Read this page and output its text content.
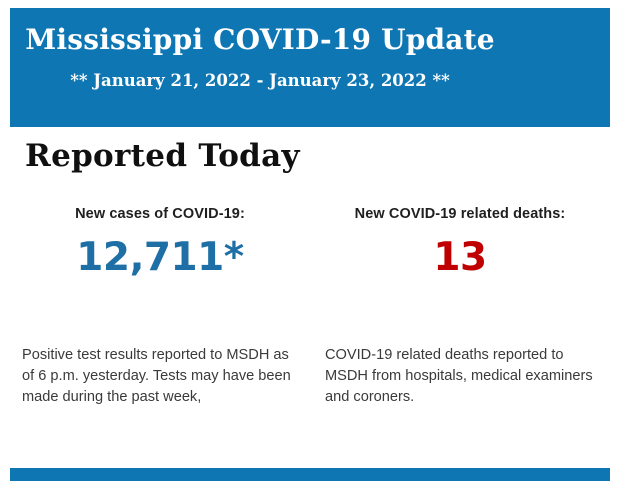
Mississippi COVID-19 Update
** January 21, 2022 - January 23, 2022 **
Reported Today
New cases of COVID-19:
12,711*
New COVID-19 related deaths:
13
Positive test results reported to MSDH as of 6 p.m. yesterday. Tests may have been made during the past week,
COVID-19 related deaths reported to MSDH from hospitals, medical examiners and coroners.
